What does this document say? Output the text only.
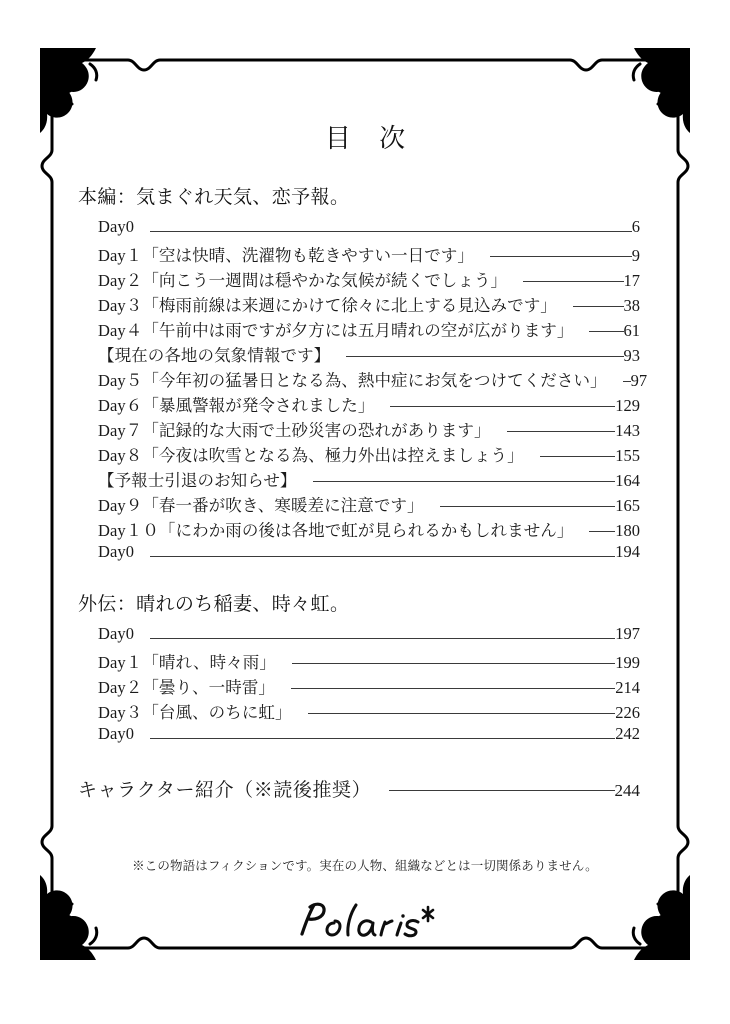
目 次
本編：気まぐれ天気、恋予報。
Day0	6
Day１「空は快晴、洗濯物も乾きやすい一日です」	9
Day２「向こう一週間は穏やかな気候が続くでしょう」	17
Day３「梅雨前線は来週にかけて徐々に北上する見込みです」	38
Day４「午前中は雨ですが夕方には五月晴れの空が広がります」	61
【現在の各地の気象情報です】	93
Day５「今年初の猛暑日となる為、熱中症にお気をつけてください」 97
Day６「暴風警報が発令されました」	129
Day７「記録的な大雨で土砂災害の恐れがあります」	143
Day８「今夜は吹雪となる為、極力外出は控えましょう」	155
【予報士引退のお知らせ】	164
Day９「春一番が吹き、寒暖差に注意です」	165
Day１０「にわか雨の後は各地で虹が見られるかもしれません」	180
Day0	194
外伝：晴れのち稲妻、時々虹。
Day0	197
Day１「晴れ、時々雨」	199
Day２「曇り、一時雷」	214
Day３「台風、のちに虹」	226
Day0	242
キャラクター紹介（※読後推奨）	244
※この物語はフィクションです。実在の人物、組織などとは一切関係ありません。
